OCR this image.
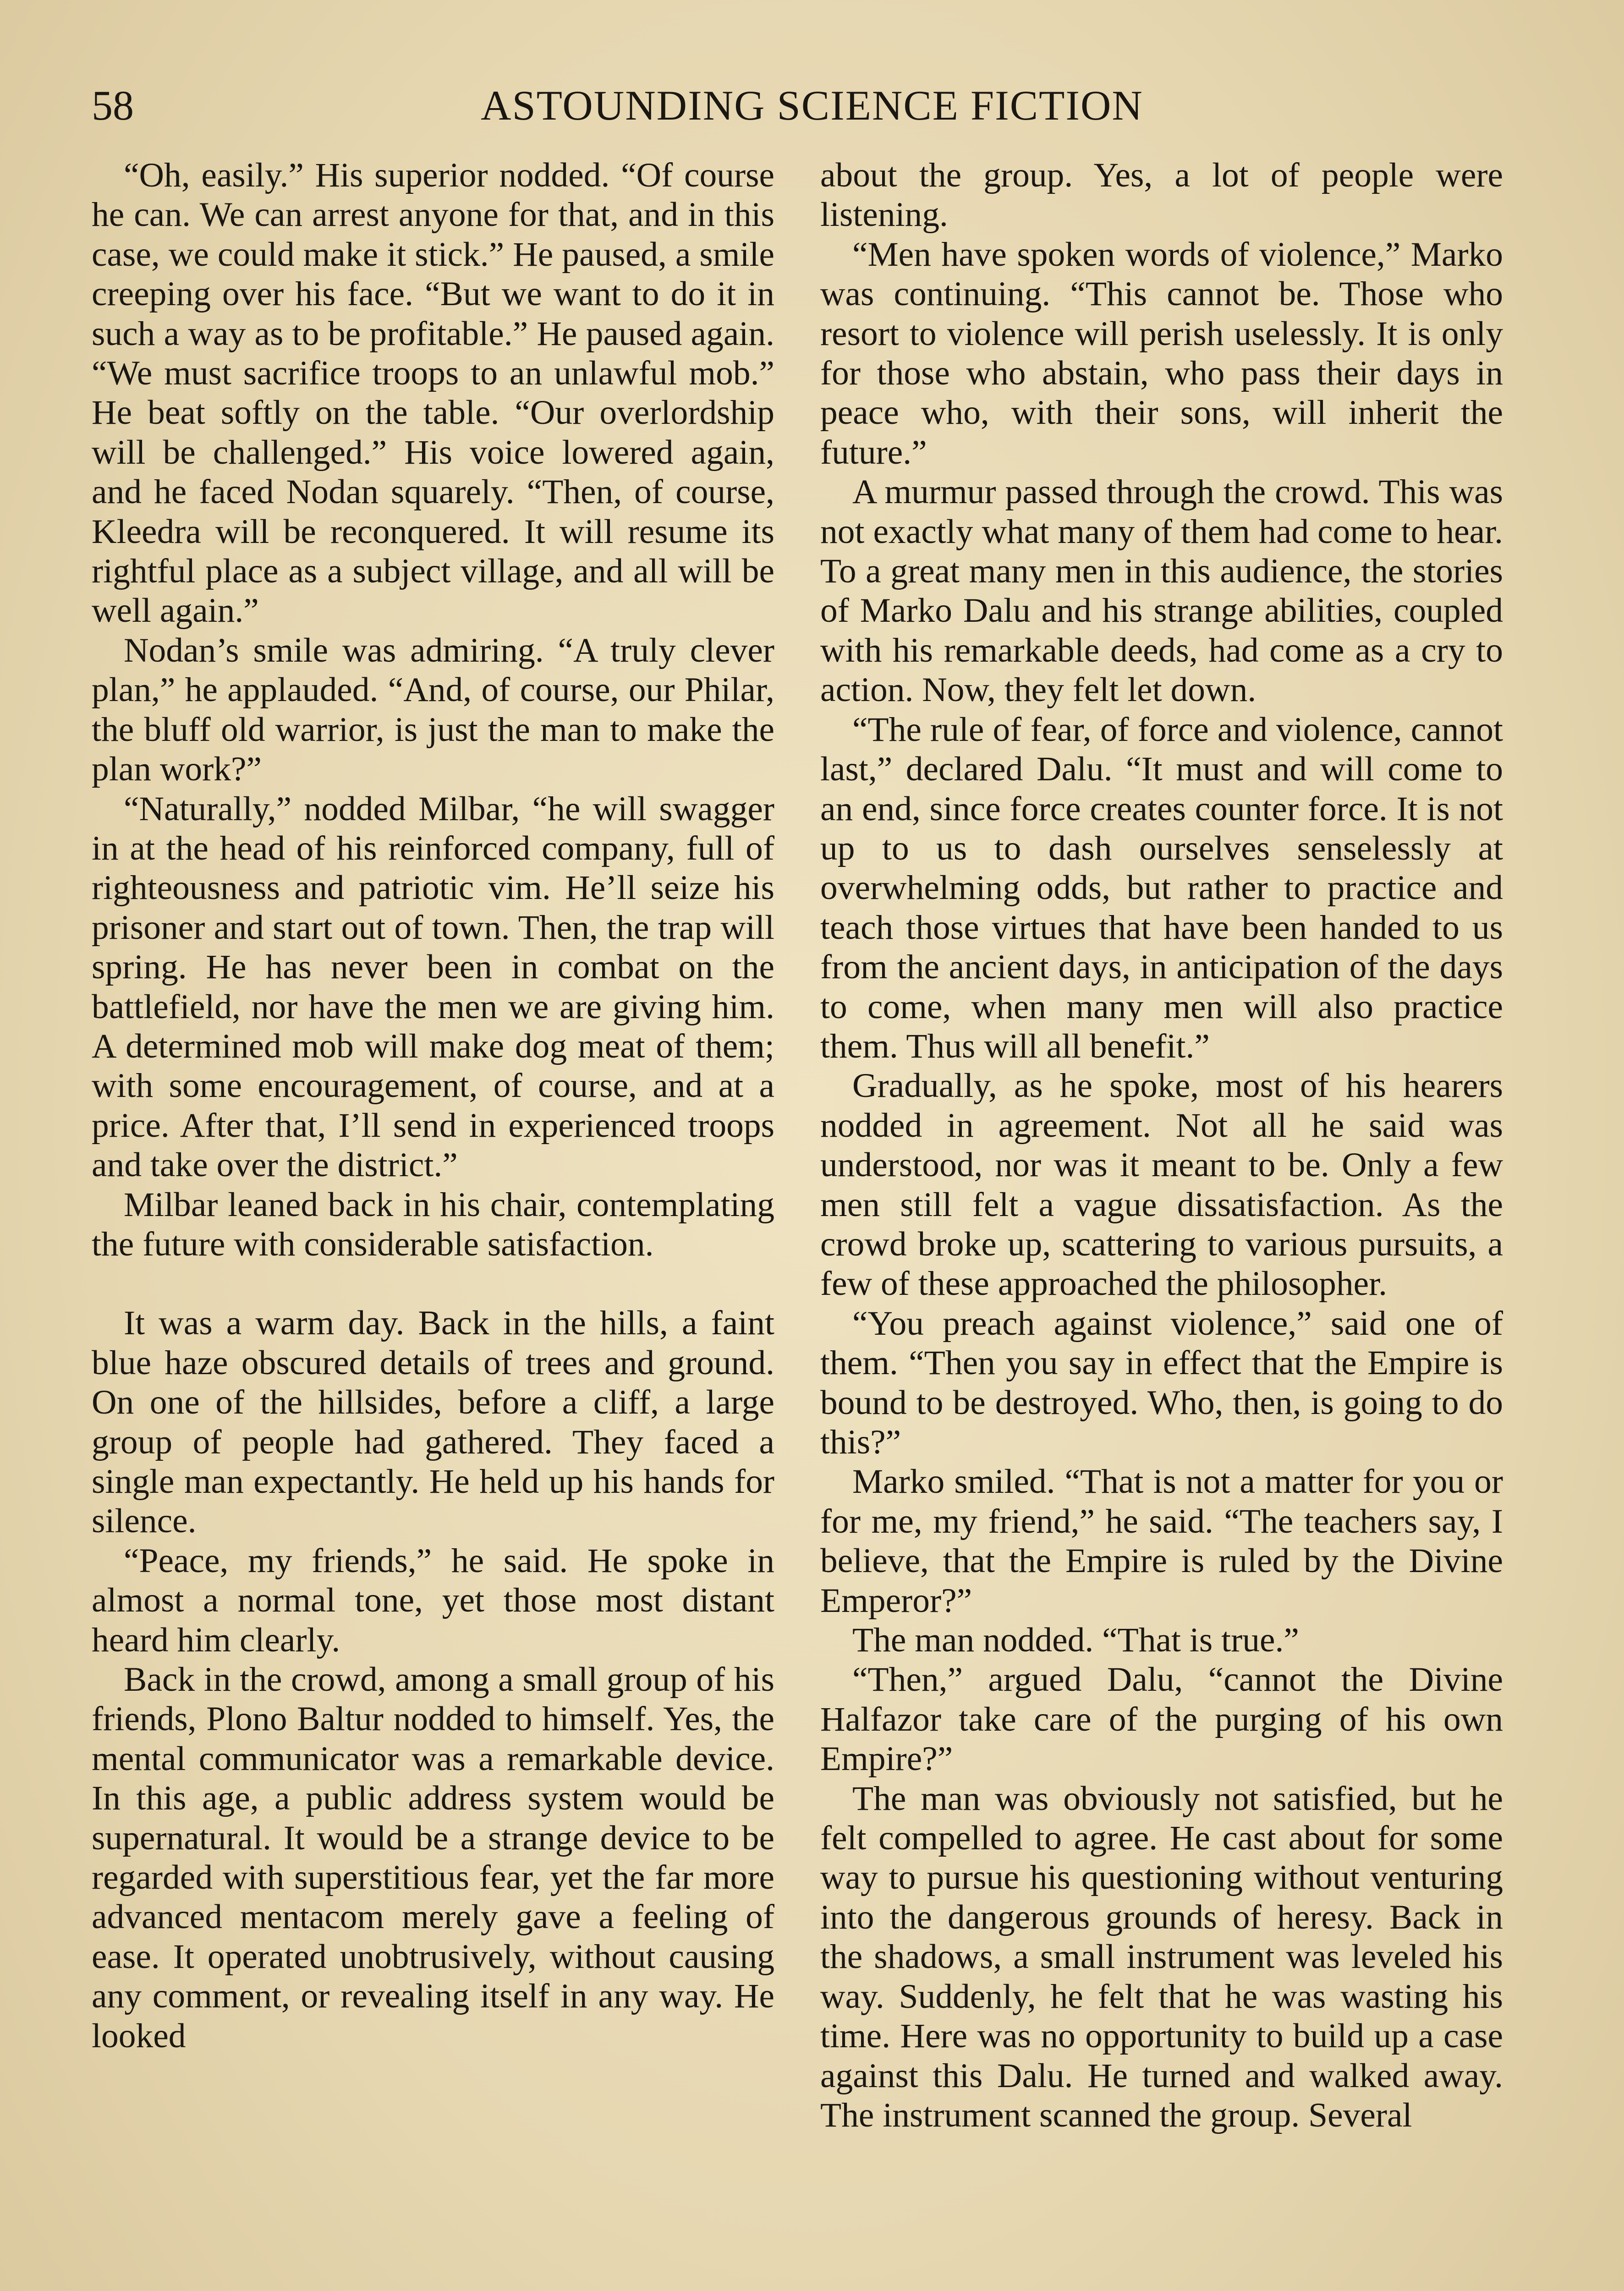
58	ASTOUNDING SCIENCE FICTION

“Oh, easily.” His superior nodded. “Of course he can. We can arrest anyone for that, and in this case, we could make it stick.” He paused, a smile creeping over his face. “But we want to do it in such a way as to be profitable.” He paused again. “We must sacrifice troops to an unlawful mob.” He beat softly on the table. “Our overlordship will be challenged.” His voice lowered again, and he faced Nodan squarely. “Then, of course, Kleedra will be reconquered. It will resume its rightful place as a subject village, and all will be well again.”

Nodan’s smile was admiring. “A truly clever plan,” he applauded. “And, of course, our Philar, the bluff old warrior, is just the man to make the plan work?”

“Naturally,” nodded Milbar, “he will swagger in at the head of his reinforced company, full of righteousness and patriotic vim. He’ll seize his prisoner and start out of town. Then, the trap will spring. He has never been in combat on the battlefield, nor have the men we are giving him. A determined mob will make dog meat of them; with some encouragement, of course, and at a price. After that, I’ll send in experienced troops and take over the district.”

Milbar leaned back in his chair, contemplating the future with considerable satisfaction.

It was a warm day. Back in the hills, a faint blue haze obscured details of trees and ground. On one of the hillsides, before a cliff, a large group of people had gathered. They faced a single man expectantly. He held up his hands for silence.

“Peace, my friends,” he said. He spoke in almost a normal tone, yet those most distant heard him clearly.

Back in the crowd, among a small group of his friends, Plono Baltur nodded to himself. Yes, the mental communicator was a remarkable device. In this age, a public address system would be supernatural. It would be a strange device to be regarded with superstitious fear, yet the far more advanced mentacom merely gave a feeling of ease. It operated unobtrusively, without causing any comment, or revealing itself in any way. He looked

about the group. Yes, a lot of people were listening.

“Men have spoken words of violence,” Marko was continuing. “This cannot be. Those who resort to violence will perish uselessly. It is only for those who abstain, who pass their days in peace who, with their sons, will inherit the future.”

A murmur passed through the crowd. This was not exactly what many of them had come to hear. To a great many men in this audience, the stories of Marko Dalu and his strange abilities, coupled with his remarkable deeds, had come as a cry to action. Now, they felt let down.

“The rule of fear, of force and violence, cannot last,” declared Dalu. “It must and will come to an end, since force creates counter force. It is not up to us to dash ourselves senselessly at overwhelming odds, but rather to practice and teach those virtues that have been handed to us from the ancient days, in anticipation of the days to come, when many men will also practice them. Thus will all benefit.”

Gradually, as he spoke, most of his hearers nodded in agreement. Not all he said was understood, nor was it meant to be. Only a few men still felt a vague dissatisfaction. As the crowd broke up, scattering to various pursuits, a few of these approached the philosopher.

“You preach against violence,” said one of them. “Then you say in effect that the Empire is bound to be destroyed. Who, then, is going to do this?”

Marko smiled. “That is not a matter for you or for me, my friend,” he said. “The teachers say, I believe, that the Empire is ruled by the Divine Emperor?”

The man nodded. “That is true.”

“Then,” argued Dalu, “cannot the Divine Halfazor take care of the purging of his own Empire?”

The man was obviously not satisfied, but he felt compelled to agree. He cast about for some way to pursue his questioning without venturing into the dangerous grounds of heresy. Back in the shadows, a small instrument was leveled his way. Suddenly, he felt that he was wasting his time. Here was no opportunity to build up a case against this Dalu. He turned and walked away. The instrument scanned the group. Several
